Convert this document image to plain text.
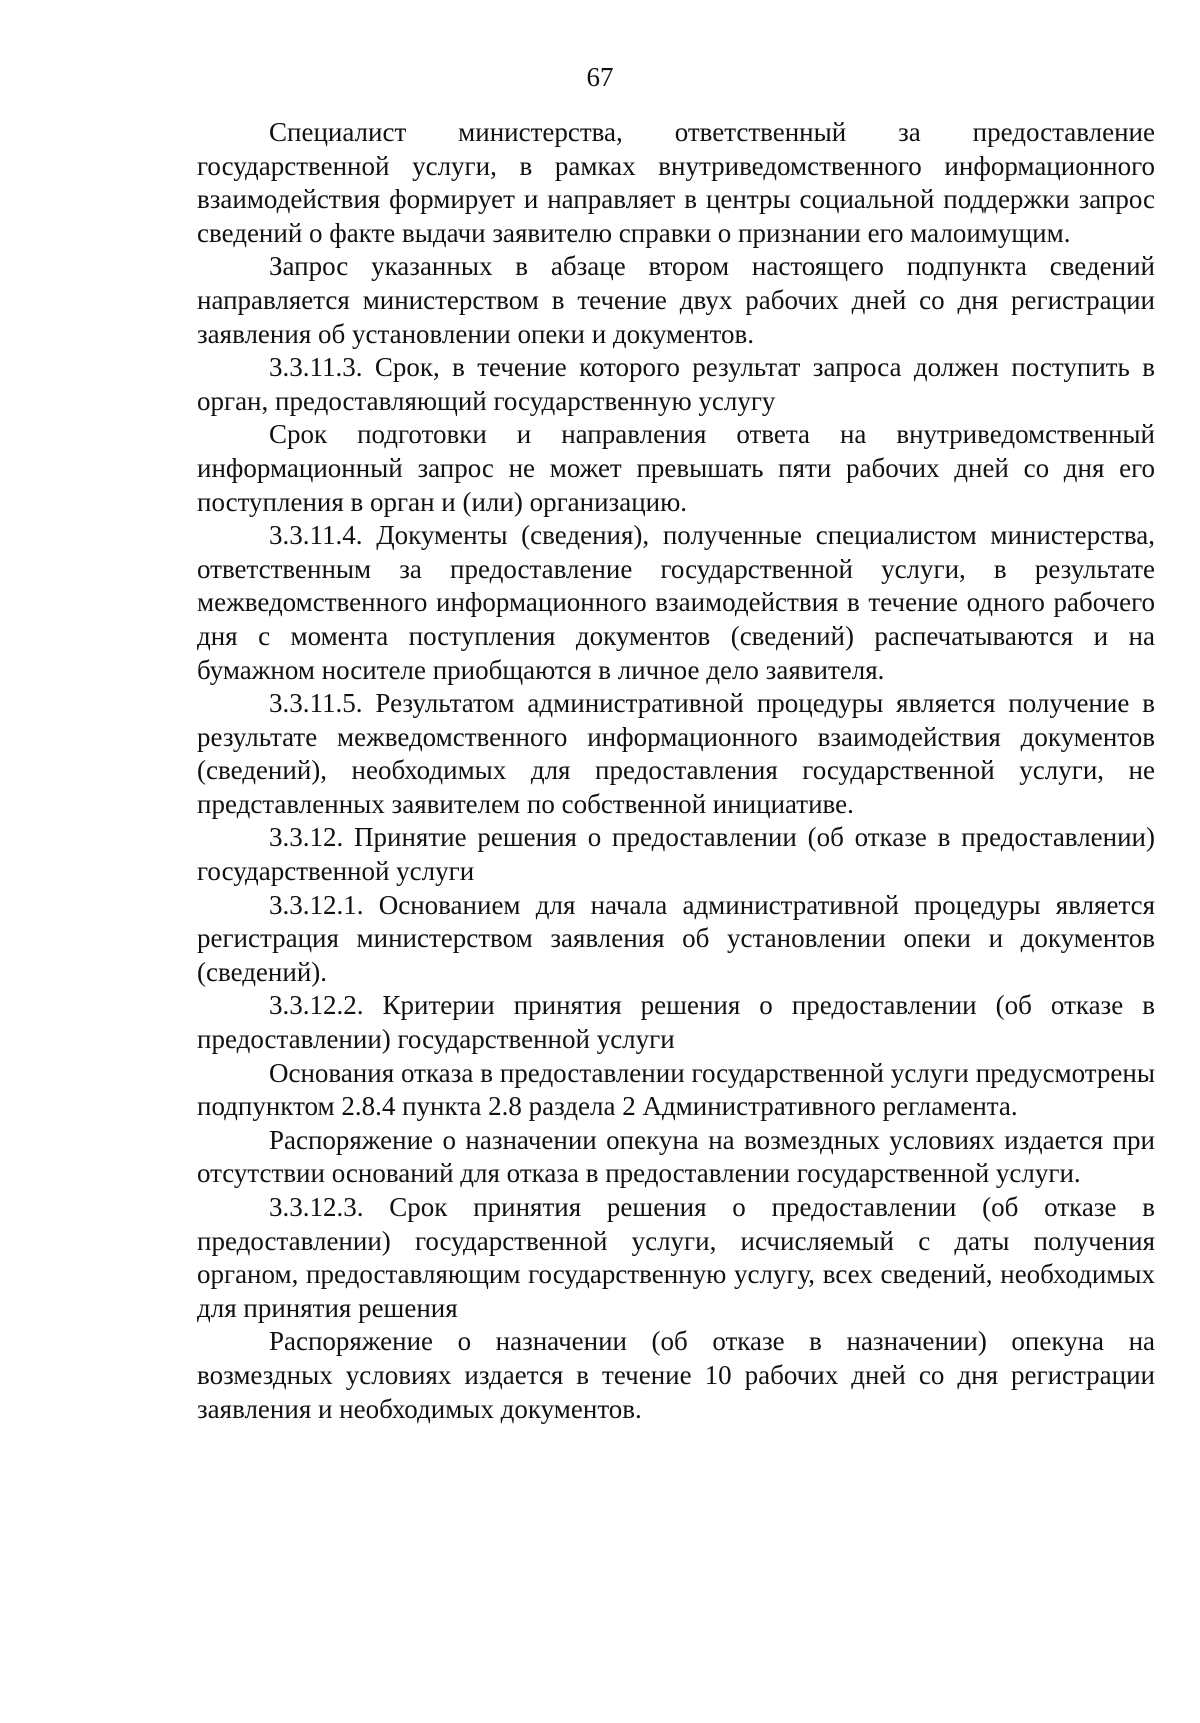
67

Специалист министерства, ответственный за предоставление государственной услуги, в рамках внутриведомственного информационного взаимодействия формирует и направляет в центры социальной поддержки запрос сведений о факте выдачи заявителю справки о признании его малоимущим.

Запрос указанных в абзаце втором настоящего подпункта сведений направляется министерством в течение двух рабочих дней со дня регистрации заявления об установлении опеки и документов.

3.3.11.3. Срок, в течение которого результат запроса должен поступить в орган, предоставляющий государственную услугу

Срок подготовки и направления ответа на внутриведомственный информационный запрос не может превышать пяти рабочих дней со дня его поступления в орган и (или) организацию.

3.3.11.4. Документы (сведения), полученные специалистом министерства, ответственным за предоставление государственной услуги, в результате межведомственного информационного взаимодействия в течение одного рабочего дня с момента поступления документов (сведений) распечатываются и на бумажном носителе приобщаются в личное дело заявителя.

3.3.11.5. Результатом административной процедуры является получение в результате межведомственного информационного взаимодействия документов (сведений), необходимых для предоставления государственной услуги, не представленных заявителем по собственной инициативе.

3.3.12. Принятие решения о предоставлении (об отказе в предоставлении) государственной услуги

3.3.12.1. Основанием для начала административной процедуры является регистрация министерством заявления об установлении опеки и документов (сведений).

3.3.12.2. Критерии принятия решения о предоставлении (об отказе в предоставлении) государственной услуги

Основания отказа в предоставлении государственной услуги предусмотрены подпунктом 2.8.4 пункта 2.8 раздела 2 Административного регламента.

Распоряжение о назначении опекуна на возмездных условиях издается при отсутствии оснований для отказа в предоставлении государственной услуги.

3.3.12.3. Срок принятия решения о предоставлении (об отказе в предоставлении) государственной услуги, исчисляемый с даты получения органом, предоставляющим государственную услугу, всех сведений, необходимых для принятия решения

Распоряжение о назначении (об отказе в назначении) опекуна на возмездных условиях издается в течение 10 рабочих дней со дня регистрации заявления и необходимых документов.
